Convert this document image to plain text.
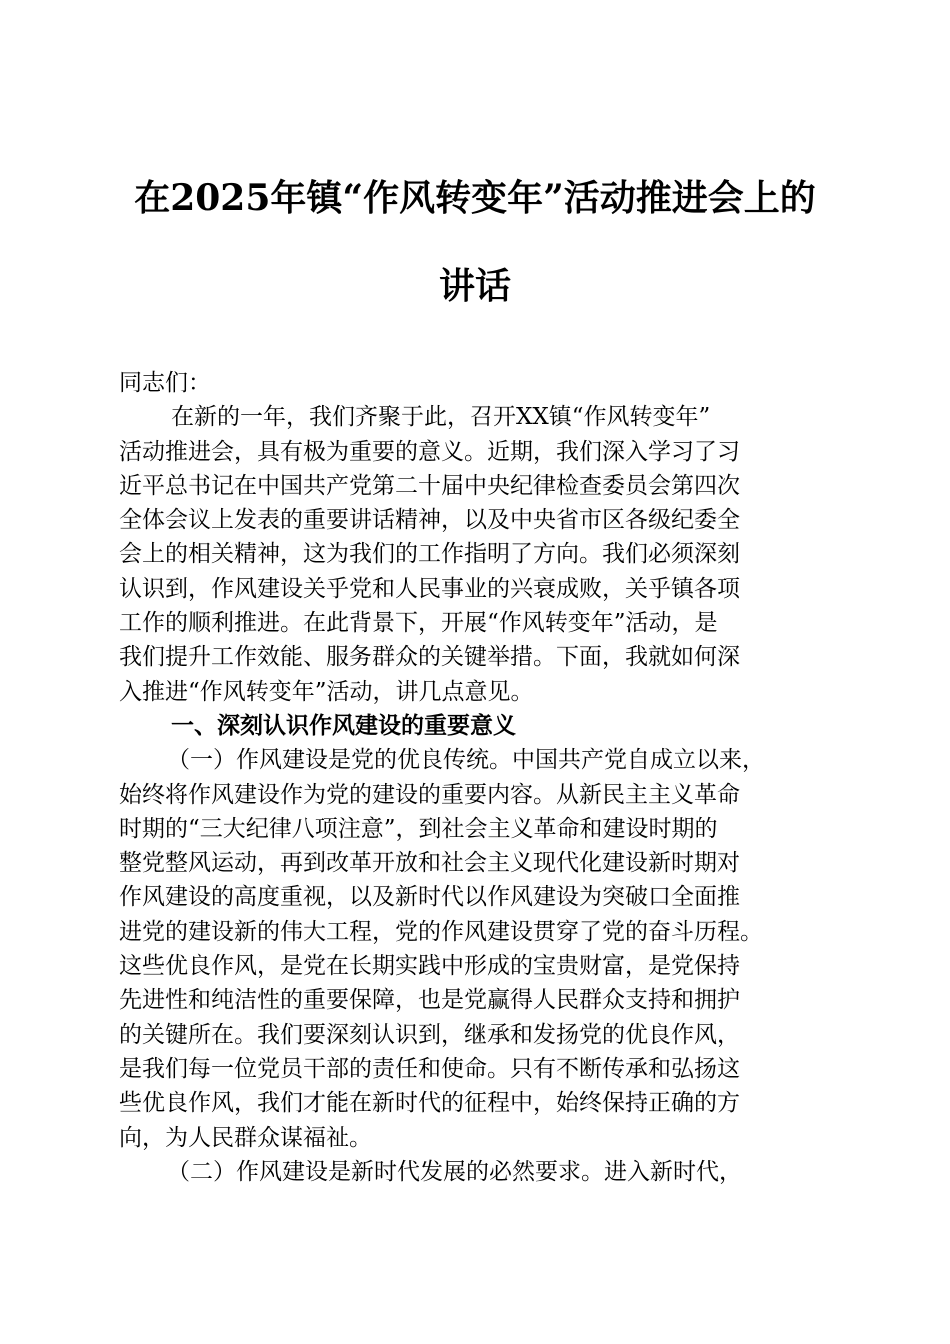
在2025年镇“作风转变年”活动推进会上的
讲话
同志们：
在新的一年，我们齐聚于此，召开XX镇“作风转变年”
活动推进会，具有极为重要的意义。近期，我们深入学习了习
近平总书记在中国共产党第二十届中央纪律检查委员会第四次
全体会议上发表的重要讲话精神，以及中央省市区各级纪委全
会上的相关精神，这为我们的工作指明了方向。我们必须深刻
认识到，作风建设关乎党和人民事业的兴衰成败，关乎镇各项
工作的顺利推进。在此背景下，开展“作风转变年”活动，是
我们提升工作效能、服务群众的关键举措。下面，我就如何深
入推进“作风转变年”活动，讲几点意见。
一、深刻认识作风建设的重要意义
（一）作风建设是党的优良传统。中国共产党自成立以来，
始终将作风建设作为党的建设的重要内容。从新民主主义革命
时期的“三大纪律八项注意”，到社会主义革命和建设时期的
整党整风运动，再到改革开放和社会主义现代化建设新时期对
作风建设的高度重视，以及新时代以作风建设为突破口全面推
进党的建设新的伟大工程，党的作风建设贯穿了党的奋斗历程。
这些优良作风，是党在长期实践中形成的宝贵财富，是党保持
先进性和纯洁性的重要保障，也是党赢得人民群众支持和拥护
的关键所在。我们要深刻认识到，继承和发扬党的优良作风，
是我们每一位党员干部的责任和使命。只有不断传承和弘扬这
些优良作风，我们才能在新时代的征程中，始终保持正确的方
向，为人民群众谋福祉。
（二）作风建设是新时代发展的必然要求。进入新时代，
